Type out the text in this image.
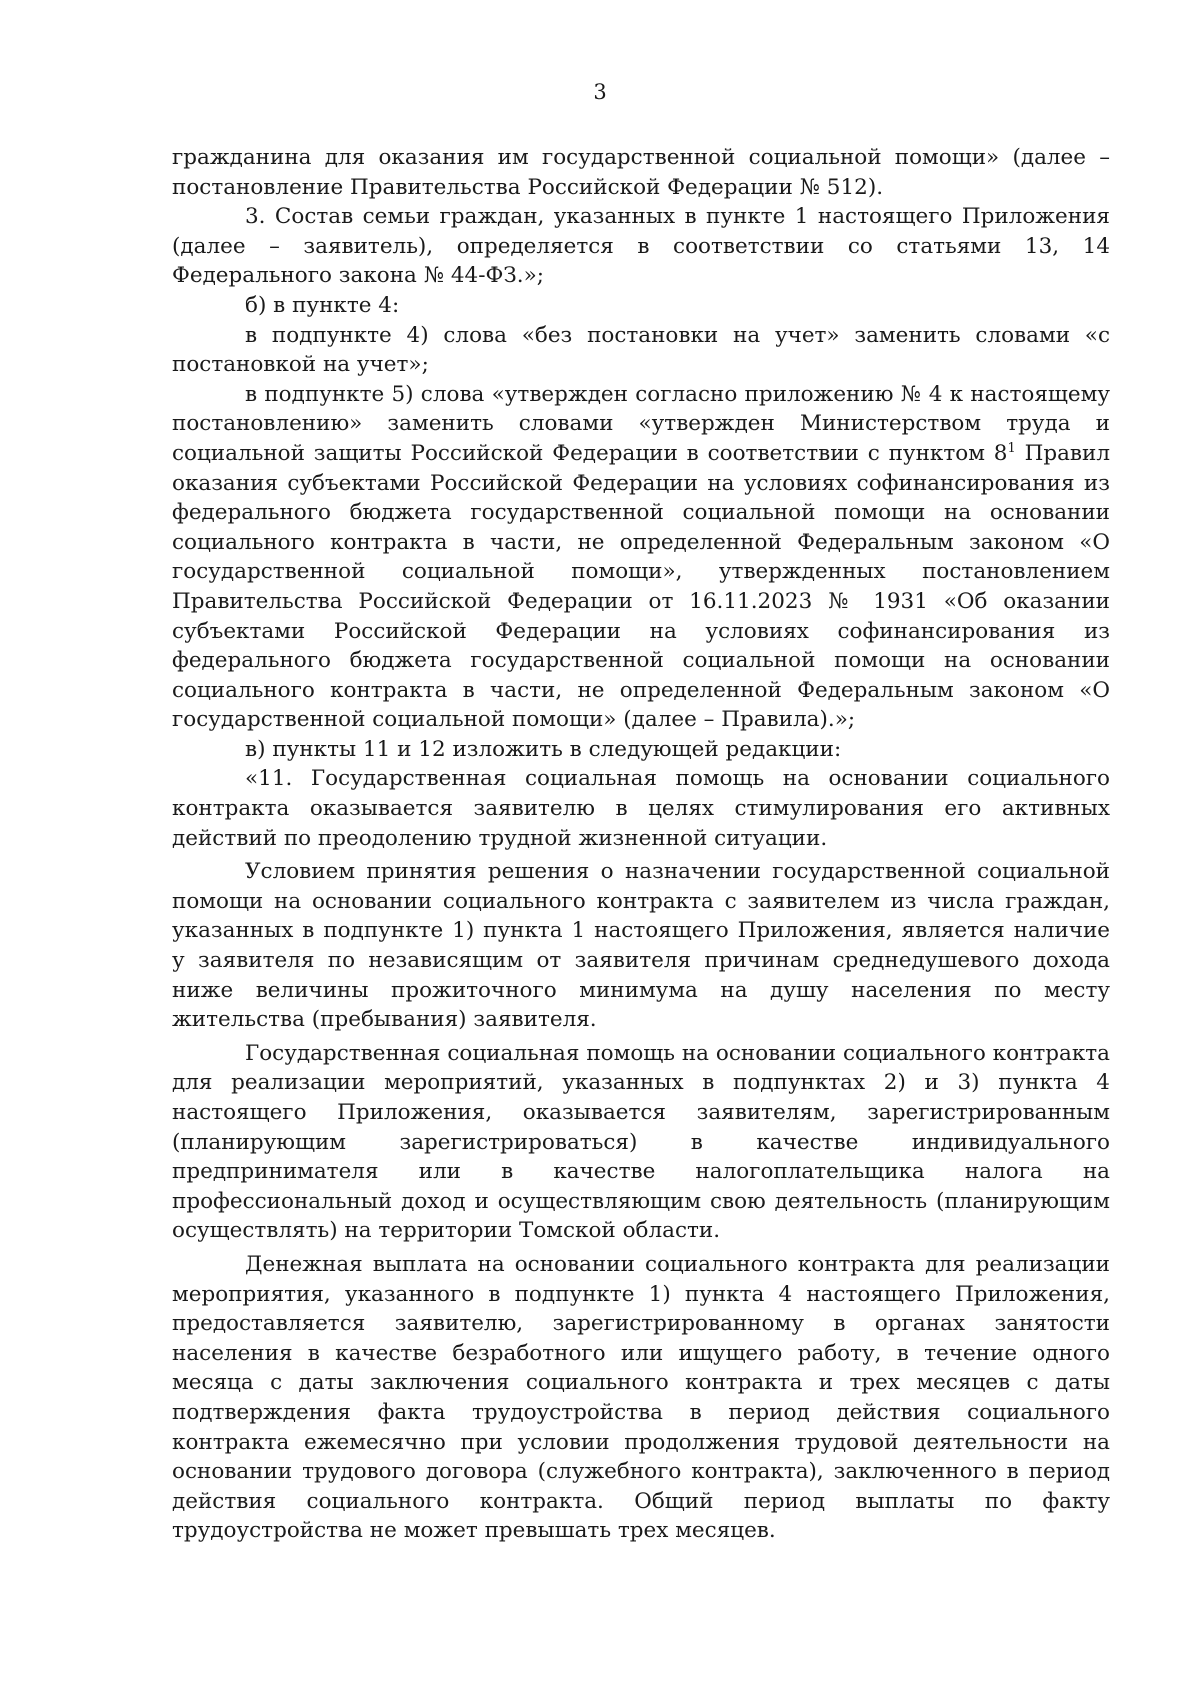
3

гражданина для оказания им государственной социальной помощи» (далее – постановление Правительства Российской Федерации № 512).

3. Состав семьи граждан, указанных в пункте 1 настоящего Приложения (далее – заявитель), определяется в соответствии со статьями 13, 14 Федерального закона № 44-ФЗ.»;

б) в пункте 4:

в подпункте 4) слова «без постановки на учет» заменить словами «с постановкой на учет»;

в подпункте 5) слова «утвержден согласно приложению № 4 к настоящему постановлению» заменить словами «утвержден Министерством труда и социальной защиты Российской Федерации в соответствии с пунктом $8^1$ Правил оказания субъектами Российской Федерации на условиях софинансирования из федерального бюджета государственной социальной помощи на основании социального контракта в части, не определенной Федеральным законом «О государственной социальной помощи», утвержденных постановлением Правительства Российской Федерации от 16.11.2023 № 1931 «Об оказании субъектами Российской Федерации на условиях софинансирования из федерального бюджета государственной социальной помощи на основании социального контракта в части, не определенной Федеральным законом «О государственной социальной помощи» (далее – Правила).»;

в) пункты 11 и 12 изложить в следующей редакции:

«11. Государственная социальная помощь на основании социального контракта оказывается заявителю в целях стимулирования его активных действий по преодолению трудной жизненной ситуации.

Условием принятия решения о назначении государственной социальной помощи на основании социального контракта с заявителем из числа граждан, указанных в подпункте 1) пункта 1 настоящего Приложения, является наличие у заявителя по независящим от заявителя причинам среднедушевого дохода ниже величины прожиточного минимума на душу населения по месту жительства (пребывания) заявителя.

Государственная социальная помощь на основании социального контракта для реализации мероприятий, указанных в подпунктах 2) и 3) пункта 4 настоящего Приложения, оказывается заявителям, зарегистрированным (планирующим зарегистрироваться) в качестве индивидуального предпринимателя или в качестве налогоплательщика налога на профессиональный доход и осуществляющим свою деятельность (планирующим осуществлять) на территории Томской области.

Денежная выплата на основании социального контракта для реализации мероприятия, указанного в подпункте 1) пункта 4 настоящего Приложения, предоставляется заявителю, зарегистрированному в органах занятости населения в качестве безработного или ищущего работу, в течение одного месяца с даты заключения социального контракта и трех месяцев с даты подтверждения факта трудоустройства в период действия социального контракта ежемесячно при условии продолжения трудовой деятельности на основании трудового договора (служебного контракта), заключенного в период действия социального контракта. Общий период выплаты по факту трудоустройства не может превышать трех месяцев.
